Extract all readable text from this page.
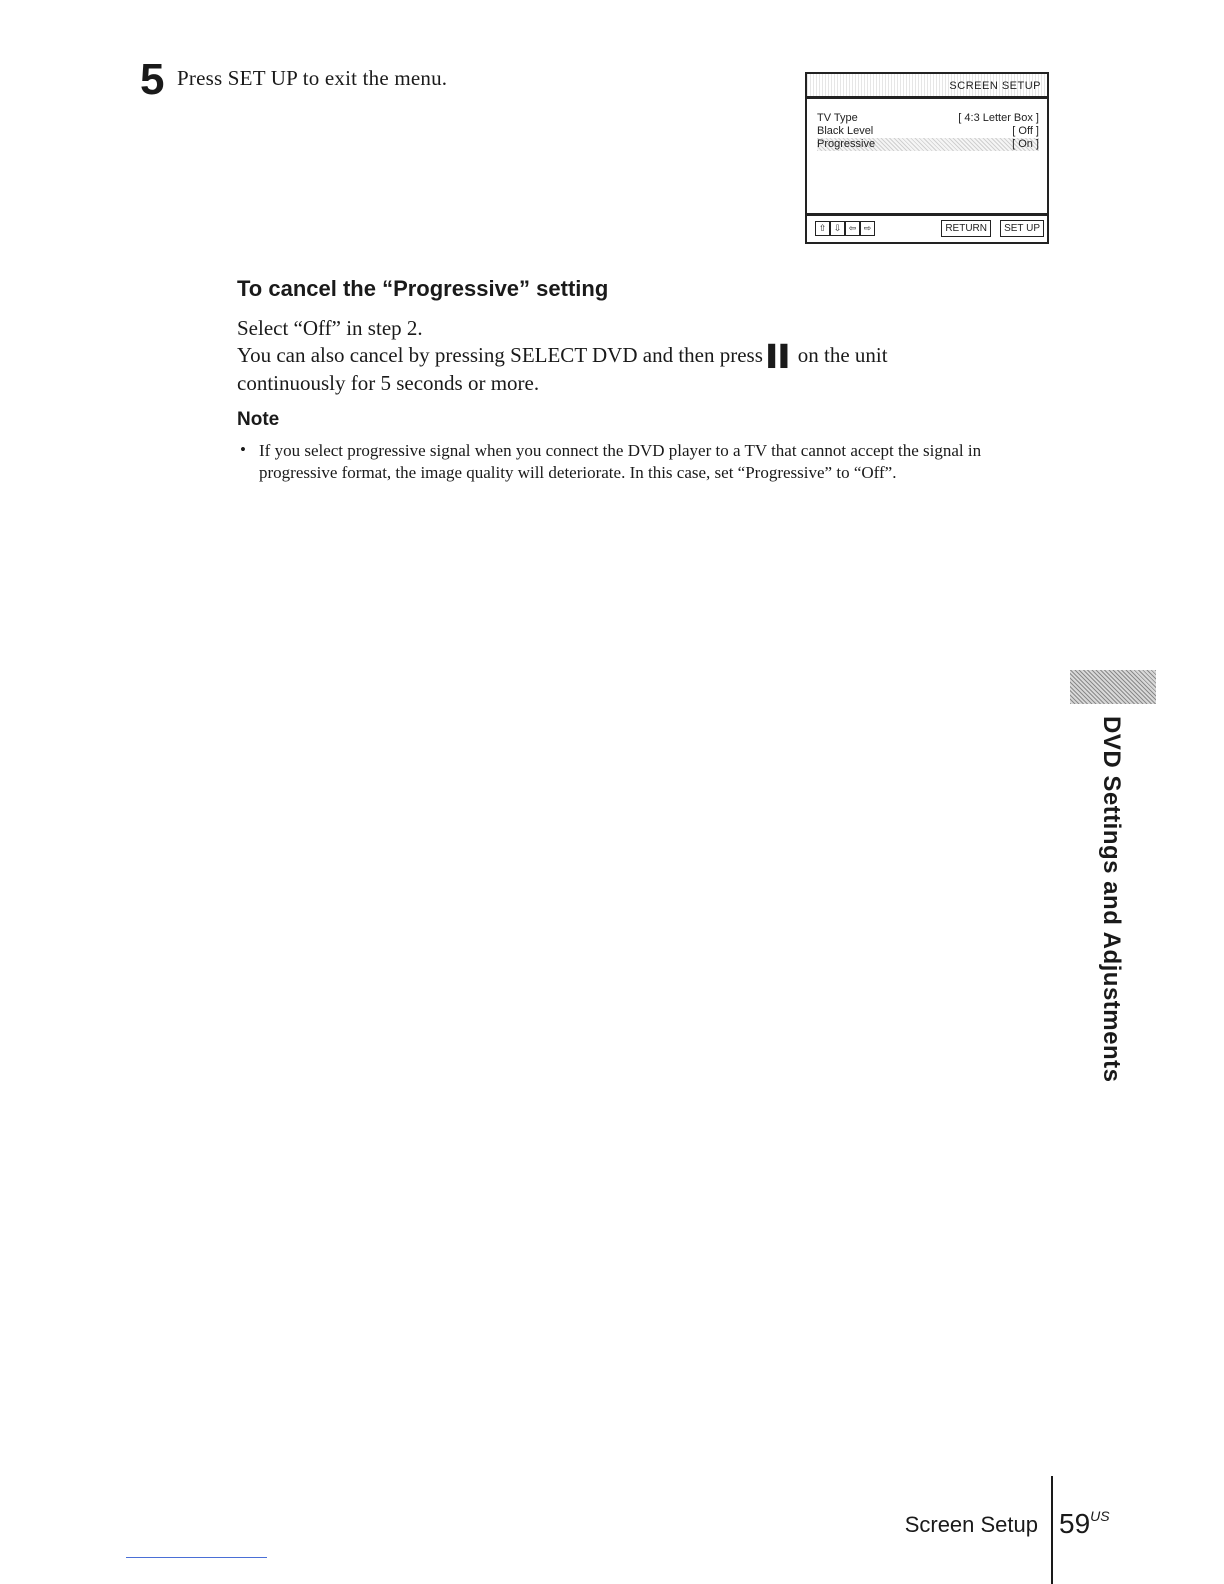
5 Press SET UP to exit the menu.	SCREEN SETUP
TV Type	[ 4:3 Letter Box ]
Black Level	[ Off ]
Progressive	[ On ]
⇧ ⇩ ⇦ ⇨	RETURN	SET UP
To cancel the “Progressive” setting
Select “Off” in step 2.
You can also cancel by pressing SELECT DVD and then press ▌▌ on the unit
continuously for 5 seconds or more.
Note
• If you select progressive signal when you connect the DVD player to a TV that cannot accept the signal in progressive format, the image quality will deteriorate. In this case, set “Progressive” to “Off”.
DVD Settings and Adjustments
Screen Setup $59^{US}$
